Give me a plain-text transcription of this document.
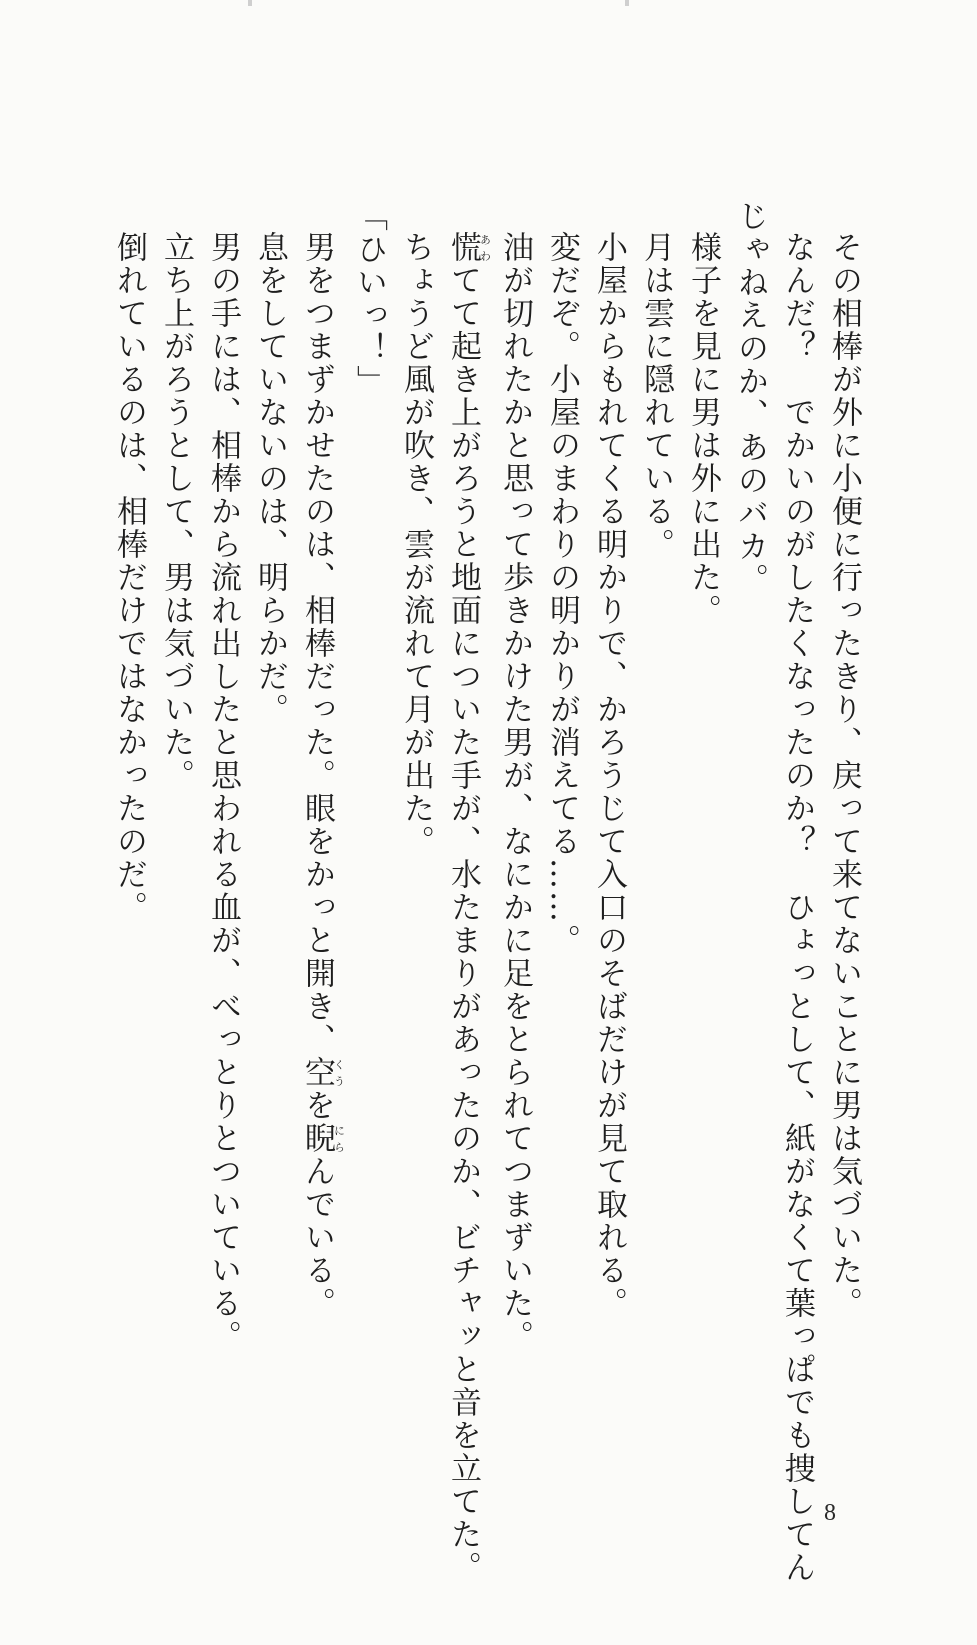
その相棒が外に小便に行ったきり、戻って来てないことに男は気づいた。
なんだ？　でかいのがしたくなったのか？　ひょっとして、紙がなくて葉っぱでも捜してん
じゃねえのか、あのバカ。
様子を見に男は外に出た。
月は雲に隠れている。
小屋からもれてくる明かりで、かろうじて入口のそばだけが見て取れる。
変だぞ。小屋のまわりの明かりが消えてる……。
油が切れたかと思って歩きかけた男が、なにかに足をとられてつまずいた。
慌あわてて起き上がろうと地面についた手が、水たまりがあったのか、ビチャッと音を立てた。
ちょうど風が吹き、雲が流れて月が出た。
「ひいっ！」
男をつまずかせたのは、相棒だった。眼をかっと開き、空くうを睨にらんでいる。
息をしていないのは、明らかだ。
男の手には、相棒から流れ出したと思われる血が、べっとりとついている。
立ち上がろうとして、男は気づいた。
倒れているのは、相棒だけではなかったのだ。
8
